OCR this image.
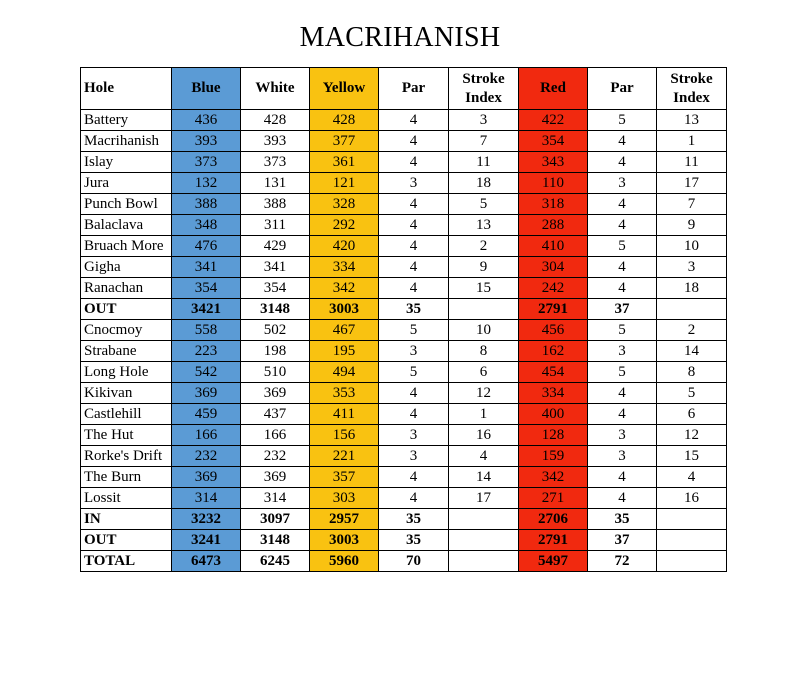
MACRIHANISH
Hole	Blue	White	Yellow	Par	Stroke Index	Red	Par	Stroke Index
Battery	436	428	428	4	3	422	5	13
Macrihanish	393	393	377	4	7	354	4	1
Islay	373	373	361	4	11	343	4	11
Jura	132	131	121	3	18	110	3	17
Punch Bowl	388	388	328	4	5	318	4	7
Balaclava	348	311	292	4	13	288	4	9
Bruach More	476	429	420	4	2	410	5	10
Gigha	341	341	334	4	9	304	4	3
Ranachan	354	354	342	4	15	242	4	18
OUT	3421	3148	3003	35		2791	37	
Cnocmoy	558	502	467	5	10	456	5	2
Strabane	223	198	195	3	8	162	3	14
Long Hole	542	510	494	5	6	454	5	8
Kikivan	369	369	353	4	12	334	4	5
Castlehill	459	437	411	4	1	400	4	6
The Hut	166	166	156	3	16	128	3	12
Rorke's Drift	232	232	221	3	4	159	3	15
The Burn	369	369	357	4	14	342	4	4
Lossit	314	314	303	4	17	271	4	16
IN	3232	3097	2957	35		2706	35	
OUT	3241	3148	3003	35		2791	37	
TOTAL	6473	6245	5960	70		5497	72	
